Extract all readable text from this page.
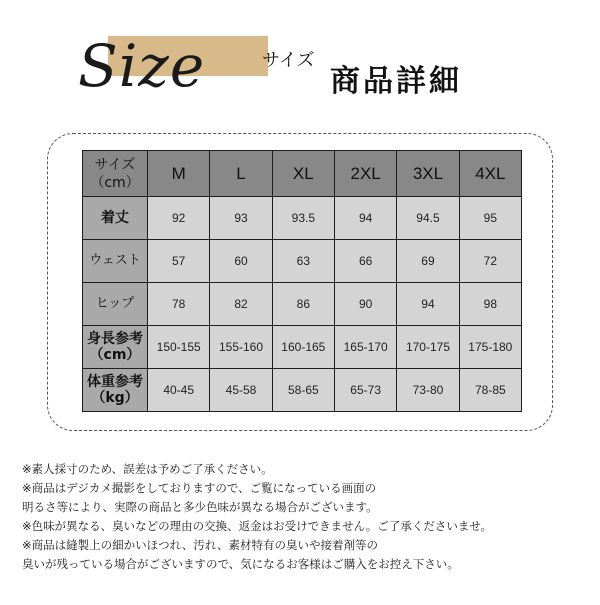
Size	サイズ
商品詳細
サイズ
（cm）	M	L	XL	2XL	3XL	4XL
着丈	92	93	93.5	94	94.5	95
ウェスト	57	60	63	66	69	72
ヒップ	78	82	86	90	94	98

身長参考
（cm）	150-155	155-160	160-165	165-170	170-175	175-180

体重参考
（kg）	40-45	45-58	58-65	65-73	73-80	78-85
※素人採寸のため、誤差は予めご了承ください。
※商品はデジカメ撮影をしておりますので、ご覧になっている画面の
明るさ等により、実際の商品と多少色味が異なる場合がございます。
※色味が異なる、臭いなどの理由の交換、返金はお受けできません。ご了承くださいませ。
※商品は縫製上の細かいほつれ、汚れ、素材特有の臭いや接着剤等の
臭いが残っている場合がございますので、気になるお客様はご購入をお控え下さい。
